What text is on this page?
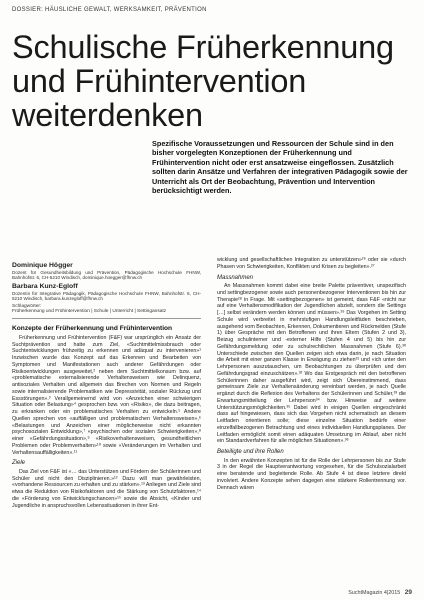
DOSSIER: HÄUSLICHE GEWALT, WERKSAMKEIT, PRÄVENTION
Schulische Früherkennung
und Frühintervention
weiterdenken

Spezifische Voraussetzungen und Ressourcen der Schule sind in den bisher vorgelegten Konzeptionen der Früherkennung und Frühintervention nicht oder erst ansatzweise eingeflossen. Zusätzlich sollten darin Ansätze und Verfahren der integrativen Pädagogik sowie der Unterricht als Ort der Beobachtung, Prävention und Intervention berücksichtigt werden.

Dominique Högger

Dozent für Gesundheitsbildung und Prävention, Pädagogische Hochschule FHNW, Bahnhofstr. 6, CH-5210 Windisch, dominique.hoegger@fhnw.ch

Barbara Kunz-Egloff

Dozentin für Integrative Pädagogik, Pädagogische Hochschule FHNW, Bahnhofstr. 6, CH-5210 Windisch, barbara.kunzegloff@fhnw.ch

Schlagwörter:
Früherkennung und Frühintervention | Schule | Unterricht | Settingansatz
Konzepte der Früherkennung und Frühintervention

Früherkennung und Frühintervention (F&F) war ursprünglich ein Ansatz der Suchtprävention und hatte zum Ziel, «Suchtmittelmissbrauch oder Suchtentwicklungen frühzeitig zu erkennen und adäquat zu intervenieren»¹ Inzwischen wurde das Konzept auf das Erkennen und Bearbeiten von Symptomen und Manifestationen auch anderer Gefährdungen oder Risikoentwicklungen ausgeweitet,² neben dem Suchtmittelkonsum bzw. auf «problematische externalisierende Verhaltensweisen wie Delinquenz, antisoziales Verhalten und allgemein das Brechen von Normen und Regeln sowie internalisierende Problematiken wie Depressivität, sozialer Rückzug und Essstörungen».³ Verallgemeinernd wird von «Anzeichen einer schwierigen Situation oder Belastung»⁴ gesprochen bzw. von «Risiko», die dazu beitragen, zu erkranken oder ein problematisches Verhalten zu entwickeln.⁵ Andere Quellen sprechen von «auffälligen und problematischen Verhaltensweisen»,⁶ «Belastungen und Anzeichen einer möglicherweise nicht erkannten psychosozialen Entwicklung»,⁷ «psychischen oder sozialen Schwierigkeiten»,⁸ einer «Gefährdungssituation»,⁹ «Risikoverhaltensweisen, gesundheitlichen Problemen oder Problemverhalten»¹⁰ sowie «Veränderungen im Verhalten und Verhaltensauffälligkeiten».¹¹

Ziele

Das Ziel von F&F ist «… das Unterstützen und Fördern der Schülerinnen und Schüler und nicht den Disziplinieren.»¹² Dazu will man gewährleisten, «vorhandene Ressourcen zu erhalten und zu stärken».¹³ Anliegen und Ziele sind etwa die Reduktion von Risikofaktoren und die Stärkung von Schutzfaktoren,¹⁴ die «Förderung von Entwicklungschancen»¹⁵ sowie die Absicht, «Kinder und Jugendliche in anspruchsvollen Lebenssituationen in ihrer Ent-

wicklung und gesellschaftlichen Integration zu unterstützen»²⁶ oder sie «durch Phasen von Schwierigkeiten, Konflikten und Krisen zu begleiten».²⁷

Massnahmen

An Massnahmen kommt dabei eine breite Palette präventiver, unspezifisch und settingbezogener sowie auch personenbezogener Interventionen bis hin zur Therapie²⁸ in Frage. Mit «settingbezogenen» ist gemeint, dass F&F «nicht nur auf eine Verhaltensmodifikation der Jugendlichen abzielt, sondern die Settings […] selbst verändern werden können und müssen».²⁹ Das Vorgehen im Setting Schule wird verbreitet in mehrstufigen Handlungsleitfäden beschrieben, ausgehend vom Beobachten, Erkennen, Dokumentieren und Rückmelden (Stufe 1) über Gespräche mit den Betroffenen und ihren Eltern (Stufen 2 und 3), Beizug schulinterner und -externer Hilfe (Stufen 4 und 5) bis hin zur Gefährdungsmeldung oder zu schulrechtlichen Massnahmen (Stufe 6).³⁰ Unterschiede zwischen den Quellen zeigen sich etwa darin, je nach Situation die Arbeit mit einer ganzen Klasse in Erwägung zu ziehen³¹ und «ich unter den Lehrpersonen auszutauschen, um Beobachtungen zu überprüfen und den Gefährdungsgrad einzuschätzen».³² Wo das Erstgespräch mit den betroffenen Schülerinnen daher ausgeführt wird, zeigt sich Übereinstimmend, dass gemeinsam Ziele zur Verhaltensänderung vereinbart werden, je nach Quelle ergänzt durch die Reflexion des Verhaltens der Schülerinnen und Schüler,³³ die Erwartungsmitteilung der Lehrperson³⁴ bzw. Hinweise auf weitere Unterstützungsmöglichkeiten.³⁵ Dabei wird in einigen Quellen eingeschränkt dass auf hingewiesen, dass sich das Vorgehen nicht schematisch an diesem Leitfaden orientieren solle; diese einzelne Situation bedürfe einer einzelfallbezogenen Betrachtung und eines individuellen Handlungsplanes. Der Leitfaden ermöglicht somit einen adäquaten Umsetzung im Ablauf, aber nicht ein Standardverfahren für alle möglichen Situationen».³⁶

Beteiligte und ihre Rollen

In den erwähnten Konzepten ist für die Rolle der Lehrpersonen bis zur Stufe 3 in der Regel die Hauptverantwortung vorgesehen, für die Schulsozialarbeit eine beratende und begleitende Rolle. Ab Stufe 4 ist diese letztere direkt involviert. Andere Konzepte sehen dagegen eine stärkere Rollentrennung vor. Dennach wären

SuchtMagazin 4|2015 29
